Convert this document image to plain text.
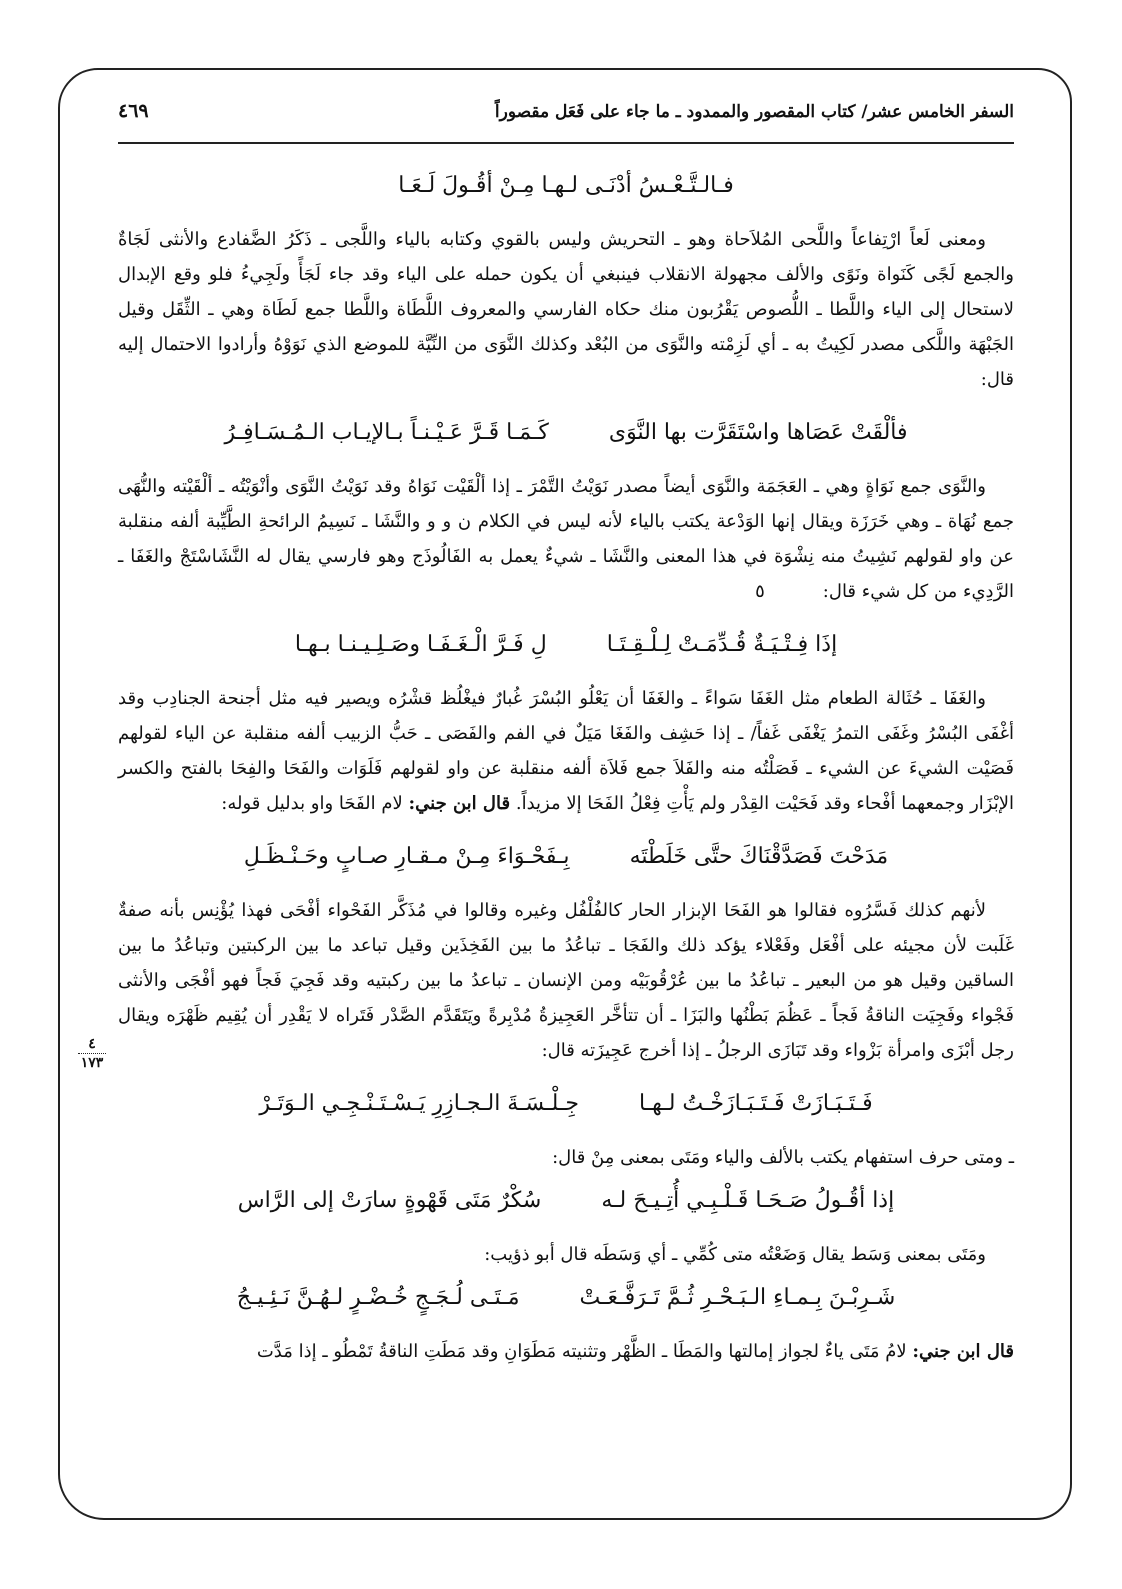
السفر الخامس عشر/ كتاب المقصور والممدود ـ ما جاء على فَعَل مقصوراً
٤٦٩
٤
١٧٣
فـالـتَّـعْـسُ أدْنَـى لـهـا مِـنْ أقُـولَ لَـعَـا

ومعنى لَعاً ارْتِفاعاً واللَّحى المُلاَحاة وهو ـ التحريش وليس بالقوي وكتابه بالياء واللَّجى ـ ذَكَرُ الضَّفادع والأنثى لَجَاةٌ والجمع لَجًى كَنَواة ونَوًى والألف مجهولة الانقلاب فينبغي أن يكون حمله على الياء وقد جاء لَجَأً ولَجِيءُ فلو وقع الإبدال لاستحال إلى الياء واللَّطا ـ اللُّصوص يَقْرُبون منك حكاه الفارسي والمعروف اللَّطَاة واللَّطا جمع لَطَاة وهي ـ الثِّقَل وقيل الجَبْهَة واللَّكى مصدر لَكِيتُ به ـ أي لَزِمْته والنَّوَى من البُعْد وكذلك النَّوَى من النِّيَّة للموضع الذي نَوَوْهُ وأرادوا الاحتمال إليه قال:

فألْقَتْ عَصَاها واسْتَقَرَّت بها النَّوَى
كَـمَـا قَـرَّ عَـيْـنـاً بـالإيـاب الـمُـسَـافِـرُ

والنَّوَى جمع نَوَاةٍ وهي ـ العَجَمَة والنَّوَى أيضاً مصدر نَوَيْتُ التَّمْرَ ـ إذا ألْقَيْت نَوَاهُ وقد نَوَيْتُ النَّوَى وأنْوَيْتُه ـ ألْقَيْته والنُّهَى جمع نُهَاة ـ وهي خَرَزَة ويقال إنها الوَدْعة يكتب بالياء لأنه ليس في الكلام ن و و والنَّشَا ـ نَسِيمُ الرائحةِ الطَّيِّبة ألفه منقلبة عن واو لقولهم نَشِيتُ منه نِشْوَة في هذا المعنى والنَّشَا ـ شيءٌ يعمل به الفَالُوذَج وهو فارسي يقال له النَّشَاسْتَجْ والغَفَا ـ الرَّدِيء من كل شيء قال:٥

إذَا فِـتْـيَـةٌ قُـدِّمَـتْ لِـلْـقِـتَـا
لِ فَـرَّ الْـغَـفَـا وصَـلِـيـنـا بـهـا

والغَفَا ـ حُثَالة الطعام مثل الغَفَا سَواءً ـ والغَفَا أن يَعْلُو البُسْرَ غُبارٌ فيغْلُظ قشْرُه ويصير فيه مثل أجنحة الجنادِب وقد أغْفَى البُسْرُ وغَفَى التمرُ يَغْفَى غَفاً/ ـ إذا حَشِف والفَغَا مَيَلٌ في الفم والفَصَى ـ حَبُّ الزبيب ألفه منقلبة عن الياء لقولهم فَصَيْت الشيءَ عن الشيء ـ فَصَلْتُه منه والفَلاَ جمع فَلاَة ألفه منقلبة عن واو لقولهم فَلَوَات والفَحَا والفِحَا بالفتح والكسر الإبْزَار وجمعهما أفْحاء وقد فَحَيْت القِدْر ولم يَأْتِ فِعْلُ الفَحَا إلا مزيداً. قال ابن جني: لام الفَحَا واو بدليل قوله:

مَدَحْتَ فَصَدَّقْنَاكَ حتَّى خَلَطْتَه
بِـفَحْـوَاءَ مِـنْ مـقـارِ صـابٍ وحَـنْـظَـلِ

لأنهم كذلك فَسَّرُوه فقالوا هو الفَحَا الإبزار الحار كالفُلْفُل وغيره وقالوا في مُذَكَّر الفَحْواء أفْحَى فهذا يُؤْنِس بأنه صفةٌ غَلَبت لأن مجيئه على أفْعَل وفَعْلاء يؤكد ذلك والفَجَا ـ تباعُدُ ما بين الفَخِذَين وقيل تباعد ما بين الركبتين وتباعُدُ ما بين الساقين وقيل هو من البعير ـ تباعُدُ ما بين عُرْقُوبَيْه ومن الإنسان ـ تباعدُ ما بين ركبتيه وقد فَجِيَ فَجاً فهو أفْجَى والأنثى فَجْواء وفَجِيَت الناقةُ فَجاً ـ عَظُمَ بَطْنُها والبَزَا ـ أن تتأخَّر العَجِيزةُ مُدْبِرةً ويَتَقَدَّم الصَّدْر فَتَراه لا يَقْدِر أن يُقِيم ظَهْرَه ويقال رجل أبْزَى وامرأة بَزْواء وقد تَبَازَى الرجلُ ـ إذا أخرج عَجِيزَته قال:

فَـتَـبَـازَتْ فَـتَـبَـازَخْـتُ لـهـا
جِـلْـسَـةَ الـجـازِرِ يَـسْـتَـنْـجِـي الـوَتَـرْ

ـ ومتى حرف استفهام يكتب بالألف والياء ومَتَى بمعنى مِنْ قال:

إذا أقُـولُ صَـحَـا قَـلْـبِـي أُتِـيـحَ لـه
سُكْرٌ مَتَى قَهْوةٍ سارَتْ إلى الرَّاس

ومَتَى بمعنى وَسَط يقال وَضَعْتُه متى كُمِّي ـ أي وَسَطَه قال أبو ذؤيب:

شَـرِبْـنَ بِـمـاءِ الـبَـحْـرِ ثُـمَّ تَـرَفَّـعَـتْ
مَـتَـى لُـجَـجٍ خُـضْـرٍ لـهُـنَّ نَـئِـيـجُ

قال ابن جني: لامُ مَتَى ياءٌ لجواز إمالتها والمَطَا ـ الظَّهْر وتثنيته مَطَوَانِ وقد مَطَتِ الناقةُ تَمْطُو ـ إذا مَدَّت
